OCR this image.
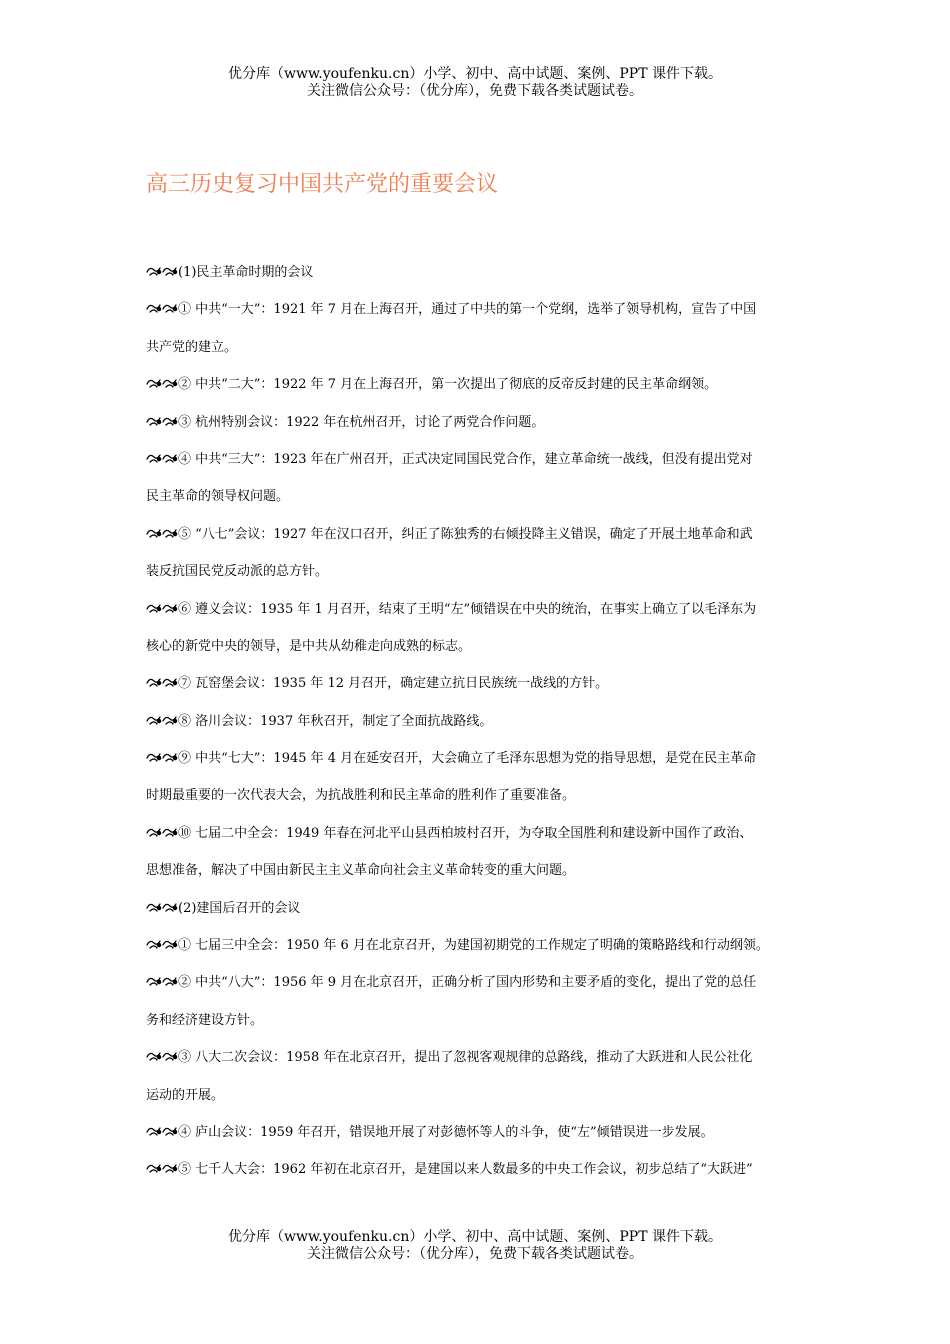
优分库（www.youfenku.cn）小学、初中、高中试题、案例、PPT 课件下载。
关注微信公众号：（优分库），免费下载各类试题试卷。
高三历史复习中国共产党的重要会议
(1)民主革命时期的会议
① 中共“一大”：1921 年 7 月在上海召开，通过了中共的第一个党纲，选举了领导机构，宣告了中国
共产党的建立。
② 中共“二大”：1922 年 7 月在上海召开，第一次提出了彻底的反帝反封建的民主革命纲领。
③ 杭州特别会议：1922 年在杭州召开，讨论了两党合作问题。
④ 中共“三大”：1923 年在广州召开，正式决定同国民党合作，建立革命统一战线，但没有提出党对
民主革命的领导权问题。
⑤ “八七”会议：1927 年在汉口召开，纠正了陈独秀的右倾投降主义错误，确定了开展土地革命和武
装反抗国民党反动派的总方针。
⑥ 遵义会议：1935 年 1 月召开，结束了王明“左”倾错误在中央的统治，在事实上确立了以毛泽东为
核心的新党中央的领导，是中共从幼稚走向成熟的标志。
⑦ 瓦窑堡会议：1935 年 12 月召开，确定建立抗日民族统一战线的方针。
⑧ 洛川会议：1937 年秋召开，制定了全面抗战路线。
⑨ 中共“七大”：1945 年 4 月在延安召开，大会确立了毛泽东思想为党的指导思想，是党在民主革命
时期最重要的一次代表大会，为抗战胜利和民主革命的胜利作了重要准备。
⑩ 七届二中全会：1949 年春在河北平山县西柏坡村召开，为夺取全国胜利和建设新中国作了政治、
思想准备，解决了中国由新民主主义革命向社会主义革命转变的重大问题。
(2)建国后召开的会议
① 七届三中全会：1950 年 6 月在北京召开，为建国初期党的工作规定了明确的策略路线和行动纲领。
② 中共“八大”：1956 年 9 月在北京召开，正确分析了国内形势和主要矛盾的变化，提出了党的总任
务和经济建设方针。
③ 八大二次会议：1958 年在北京召开，提出了忽视客观规律的总路线，推动了大跃进和人民公社化
运动的开展。
④ 庐山会议：1959 年召开，错误地开展了对彭德怀等人的斗争，使“左”倾错误进一步发展。
⑤ 七千人大会：1962 年初在北京召开，是建国以来人数最多的中央工作会议，初步总结了“大跃进”
优分库（www.youfenku.cn）小学、初中、高中试题、案例、PPT 课件下载。
关注微信公众号：（优分库），免费下载各类试题试卷。
